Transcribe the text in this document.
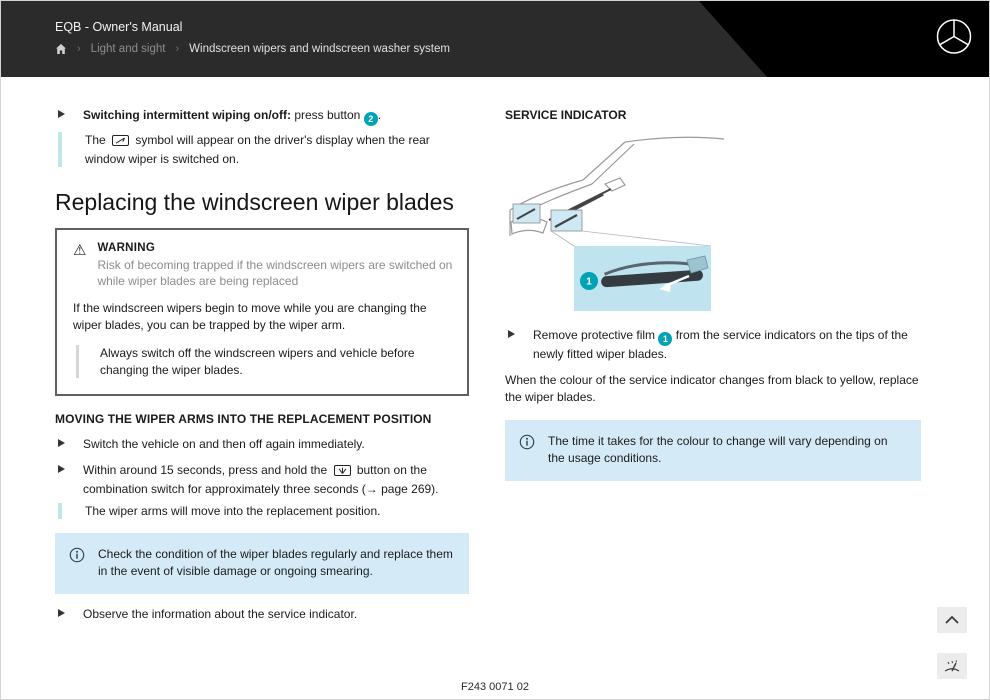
EQB - Owner's Manual
› Light and sight › Windscreen wipers and windscreen washer system
Switching intermittent wiping on/off: press button 2 .
The  symbol will appear on the driver's display when the rear window wiper is switched on.
Replacing the windscreen wiper blades
⚠ WARNING
Risk of becoming trapped if the windscreen wipers are switched on while wiper blades are being replaced
If the windscreen wipers begin to move while you are changing the wiper blades, you can be trapped by the wiper arm.
Always switch off the windscreen wipers and vehicle before changing the wiper blades.
MOVING THE WIPER ARMS INTO THE REPLACEMENT POSITION
Switch the vehicle on and then off again immediately.
Within around 15 seconds, press and hold the  button on the combination switch for approximately three seconds (→ page 269).
The wiper arms will move into the replacement position.
Check the condition of the wiper blades regularly and replace them in the event of visible damage or ongoing smearing.
Observe the information about the service indicator.
SERVICE INDICATOR
1
Remove protective film 1 from the service indicators on the tips of the newly fitted wiper blades.

When the colour of the service indicator changes from black to yellow, replace the wiper blades.

The time it takes for the colour to change will vary depending on the usage conditions.
F243 0071 02
